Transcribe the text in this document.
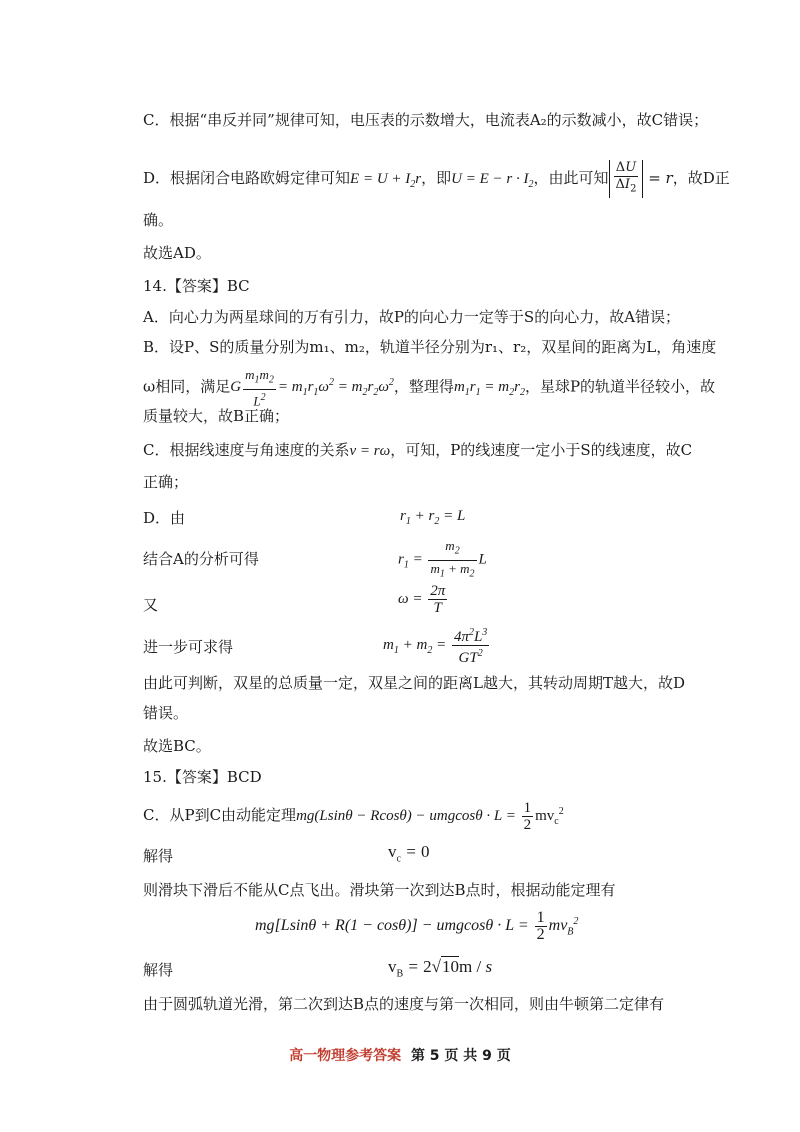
C．根据“串反并同”规律可知，电压表的示数增大，电流表A₂的示数减小，故C错误；
D．根据闭合电路欧姆定律可知$E = U + I_2r$，即$U = E - r \cdot I_2$，由此可知 $\frac{\Delta U}{\Delta I_2} = r$，故D正
确。
故选AD。
14.【答案】BC
A．向心力为两星球间的万有引力，故P的向心力一定等于S的向心力，故A错误；
B．设P、S的质量分别为m₁、m₂，轨道半径分别为r₁、r₂，双星间的距离为L，角速度
ω相同，满足G $\frac{m_1m_2}{L^2} = m_1r_1\omega^2 = m_2r_2\omega^2$，整理得$m_1r_1 = m_2r_2$，星球P的轨道半径较小，故
质量较大，故B正确；
C．根据线速度与角速度的关系v = rω，可知，P的线速度一定小于S的线速度，故C
正确；
D．由	$r_1 + r_2 = L$
结合A的分析可得	$r_1 = \frac{m_2}{m_1 + m_2}$ L
又	$\omega = \frac{2\pi}{T}$
进一步可求得	$m_1 + m_2 = \frac{4\pi^2L^3}{GT^2}$
由此可判断，双星的总质量一定，双星之间的距离L越大，其转动周期T越大，故D
错误。
故选BC。
15.【答案】BCD
C．从P到C由动能定理$mg(Lsin\theta - Rcos\theta) - umgcos\theta \cdot L = \frac{1}{2} mv_c^2$
解得	$v_c = 0$
则滑块下滑后不能从C点飞出。滑块第一次到达B点时，根据动能定理有
$mg[Lsin\theta + R(1 - \cos\theta)] - umgcos\theta \cdot L = \frac{1}{2} mv_B^2$
解得	$v_B = 2√10m / s$
由于圆弧轨道光滑，第二次到达B点的速度与第一次相同，则由牛顿第二定律有
高一物理参考答案 第 5 页 共 9 页
